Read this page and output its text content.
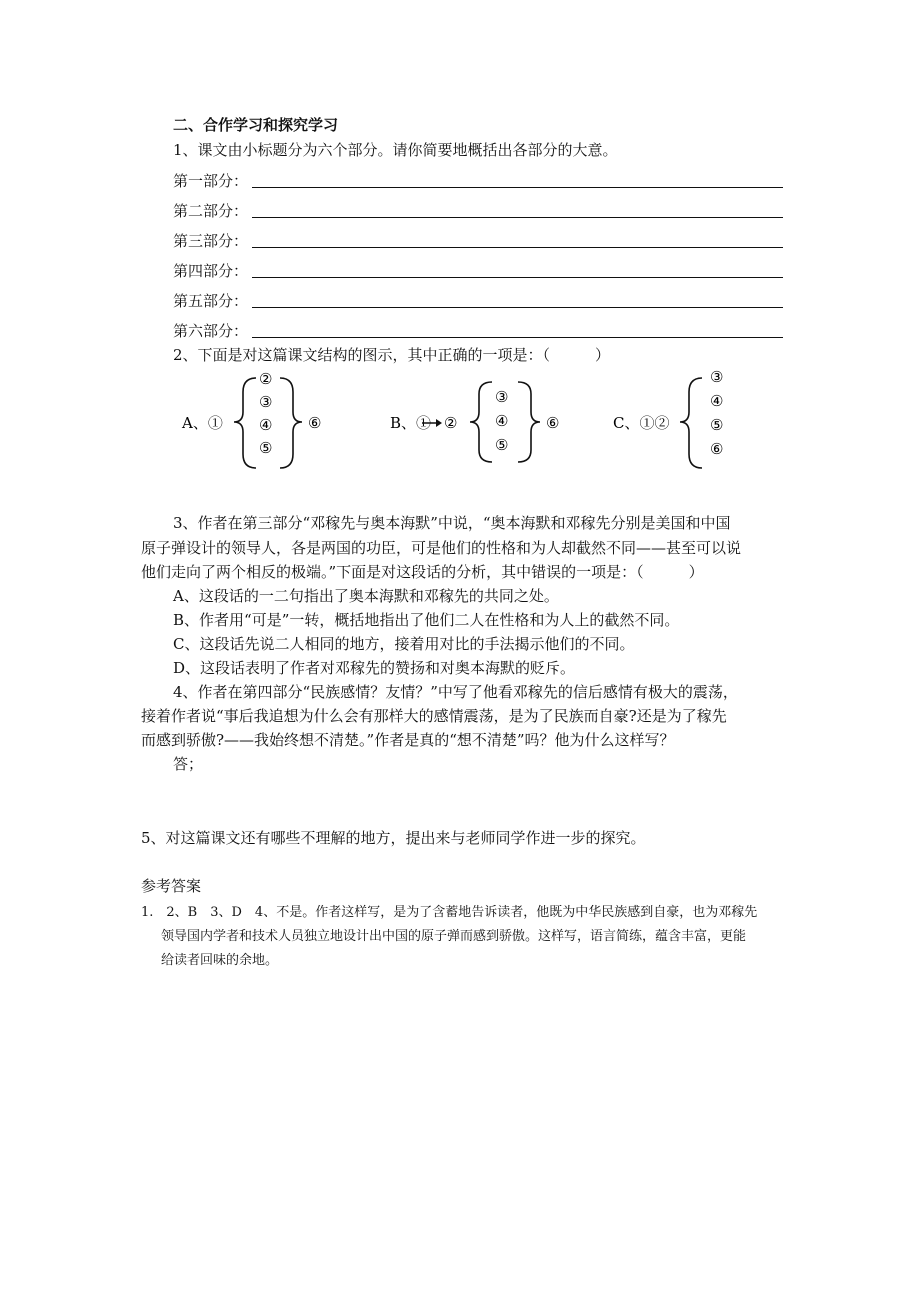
二、合作学习和探究学习
1、课文由小标题分为六个部分。请你简要地概括出各部分的大意。
第一部分：
第二部分：
第三部分：
第四部分：
第五部分：
第六部分：
2、下面是对这篇课文结构的图示，其中正确的一项是：（　　　）
A、①
②
③
④
⑤
⑥	B、① ②
③
④
⑤
⑥	C、①②
③
④
⑤
⑥
3、作者在第三部分“邓稼先与奥本海默”中说，“奥本海默和邓稼先分别是美国和中国
原子弹设计的领导人，各是两国的功臣，可是他们的性格和为人却截然不同——甚至可以说
他们走向了两个相反的极端。”下面是对这段话的分析，其中错误的一项是：（　　　）
A、这段话的一二句指出了奥本海默和邓稼先的共同之处。
B、作者用“可是”一转，概括地指出了他们二人在性格和为人上的截然不同。
C、这段话先说二人相同的地方，接着用对比的手法揭示他们的不同。
D、这段话表明了作者对邓稼先的赞扬和对奥本海默的贬斥。
4、作者在第四部分“民族感情？友情？”中写了他看邓稼先的信后感情有极大的震荡，
接着作者说“事后我追想为什么会有那样大的感情震荡，是为了民族而自豪?还是为了稼先
而感到骄傲?——我始终想不清楚。”作者是真的“想不清楚”吗？他为什么这样写？
答；
5、对这篇课文还有哪些不理解的地方，提出来与老师同学作进一步的探究。
参考答案
1.　2、B　3、D　4、不是。作者这样写，是为了含蓄地告诉读者，他既为中华民族感到自豪，也为邓稼先
领导国内学者和技术人员独立地设计出中国的原子弹而感到骄傲。这样写，语言简练，蕴含丰富，更能
给读者回味的余地。
